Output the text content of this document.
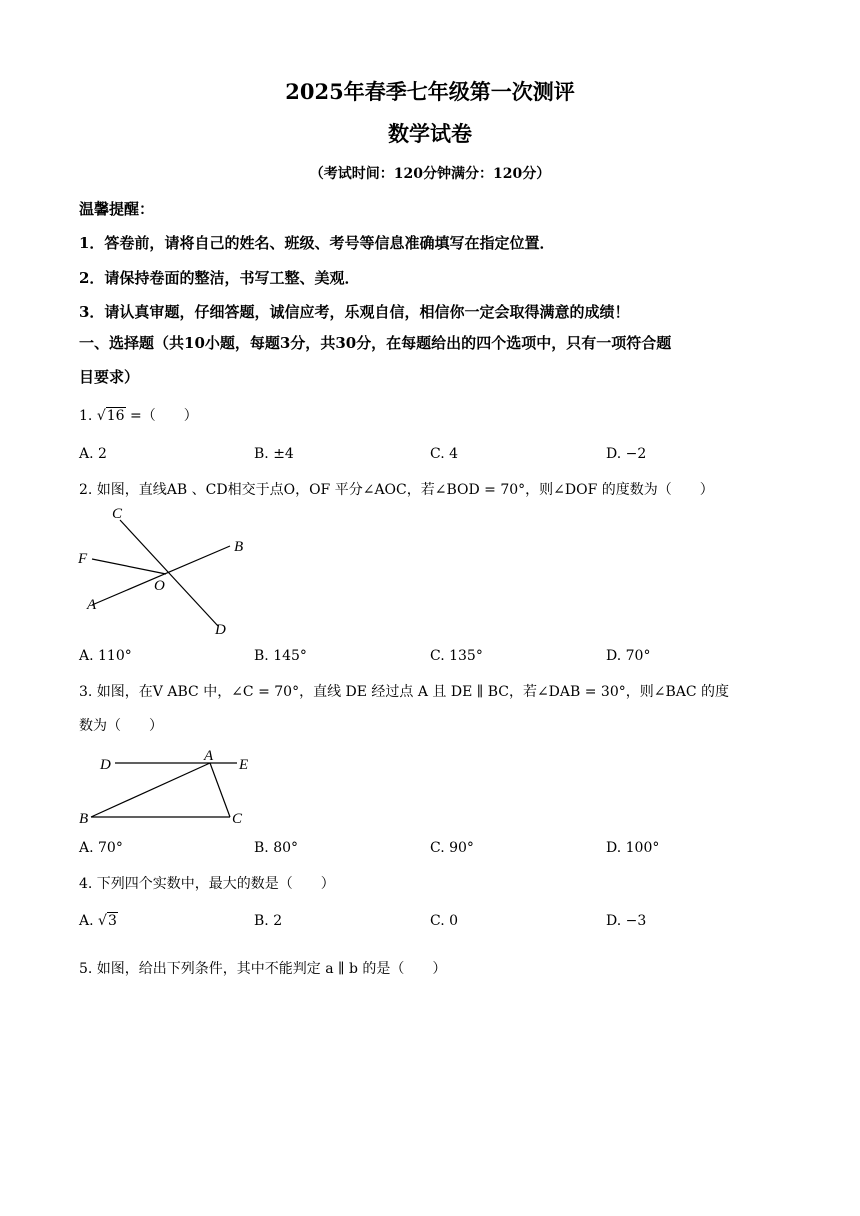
2025年春季七年级第一次测评
数学试卷
（考试时间：120分钟满分：120分）
温馨提醒：
1．答卷前，请将自己的姓名、班级、考号等信息准确填写在指定位置．
2．请保持卷面的整洁，书写工整、美观．
3．请认真审题，仔细答题，诚信应考，乐观自信，相信你一定会取得满意的成绩！
一、选择题（共10小题，每题3分，共30分，在每题给出的四个选项中，只有一项符合题
目要求）
1. √16 =（　　）
A. 2	B. ±4	C. 4	D. −2
2. 如图，直线AB 、CD相交于点O，OF 平分∠AOC，若∠BOD = 70°，则∠DOF 的度数为（　　）
C
F
B
O
A
D
A. 110°	B. 145°	C. 135°	D. 70°
3. 如图，在V ABC 中，∠C = 70°，直线 DE 经过点 A 且 DE ∥ BC，若∠DAB = 30°，则∠BAC 的度
数为（　　）
D
A
E
B	C
A. 70°	B. 80°	C. 90°	D. 100°
4. 下列四个实数中，最大的数是（　　）
A. √3	B. 2	C. 0	D. −3
5. 如图，给出下列条件，其中不能判定 a ∥ b 的是（　　）
